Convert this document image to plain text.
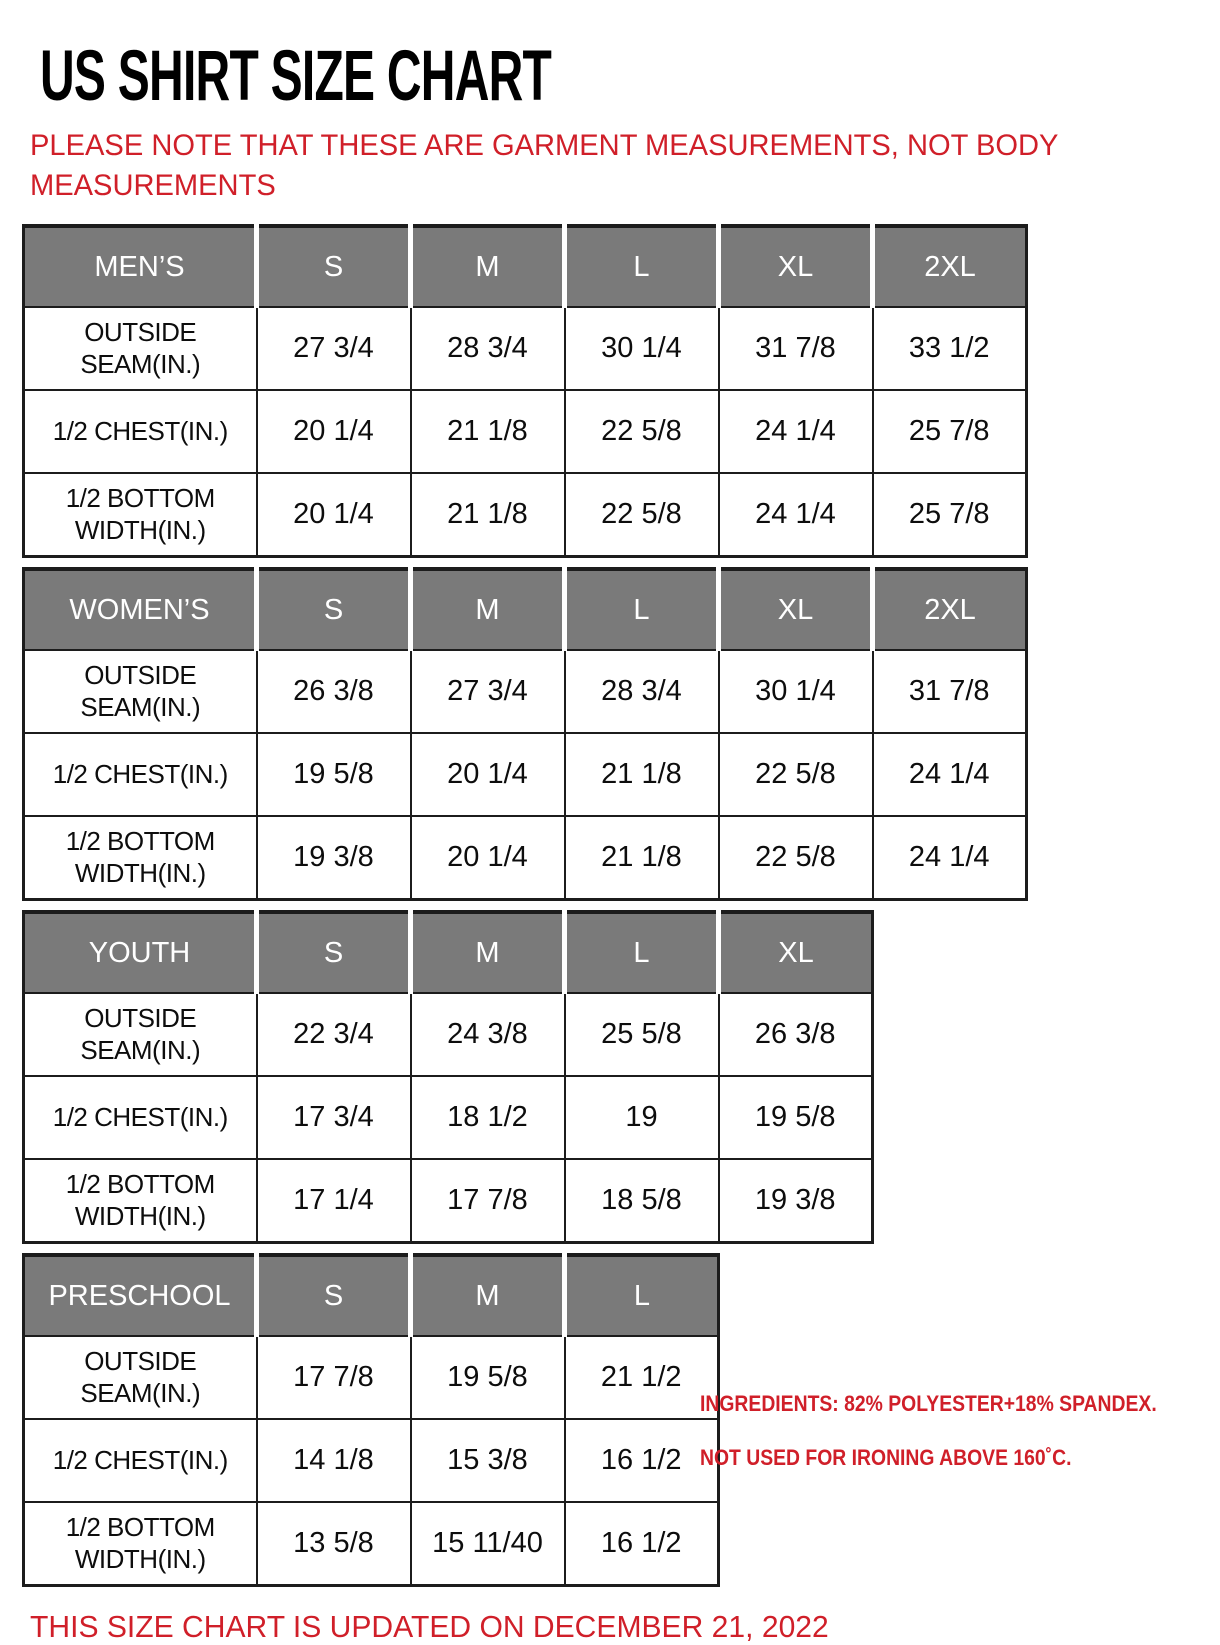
US SHIRT SIZE CHART
PLEASE NOTE THAT THESE ARE GARMENT MEASUREMENTS, NOT BODY
MEASUREMENTS
MEN’S	S	M	L	XL	2XL
OUTSIDE SEAM(IN.)	27 3/4	28 3/4	30 1/4	31 7/8	33 1/2
1/2 CHEST(IN.)	20 1/4	21 1/8	22 5/8	24 1/4	25 7/8
1/2 BOTTOM WIDTH(IN.)	20 1/4	21 1/8	22 5/8	24 1/4	25 7/8
WOMEN’S	S	M	L	XL	2XL
OUTSIDE SEAM(IN.)	26 3/8	27 3/4	28 3/4	30 1/4	31 7/8
1/2 CHEST(IN.)	19 5/8	20 1/4	21 1/8	22 5/8	24 1/4
1/2 BOTTOM WIDTH(IN.)	19 3/8	20 1/4	21 1/8	22 5/8	24 1/4
YOUTH	S	M	L	XL
OUTSIDE SEAM(IN.)	22 3/4	24 3/8	25 5/8	26 3/8
1/2 CHEST(IN.)	17 3/4	18 1/2	19	19 5/8
1/2 BOTTOM WIDTH(IN.)	17 1/4	17 7/8	18 5/8	19 3/8
PRESCHOOL	S	M	L
OUTSIDE SEAM(IN.)	17 7/8	19 5/8	21 1/2
1/2 CHEST(IN.)	14 1/8	15 3/8	16 1/2
1/2 BOTTOM WIDTH(IN.)	13 5/8	15 11/40	16 1/2
INGREDIENTS: 82% POLYESTER+18% SPANDEX.
NOT USED FOR IRONING ABOVE 160˚C.
THIS SIZE CHART IS UPDATED ON DECEMBER 21, 2022
